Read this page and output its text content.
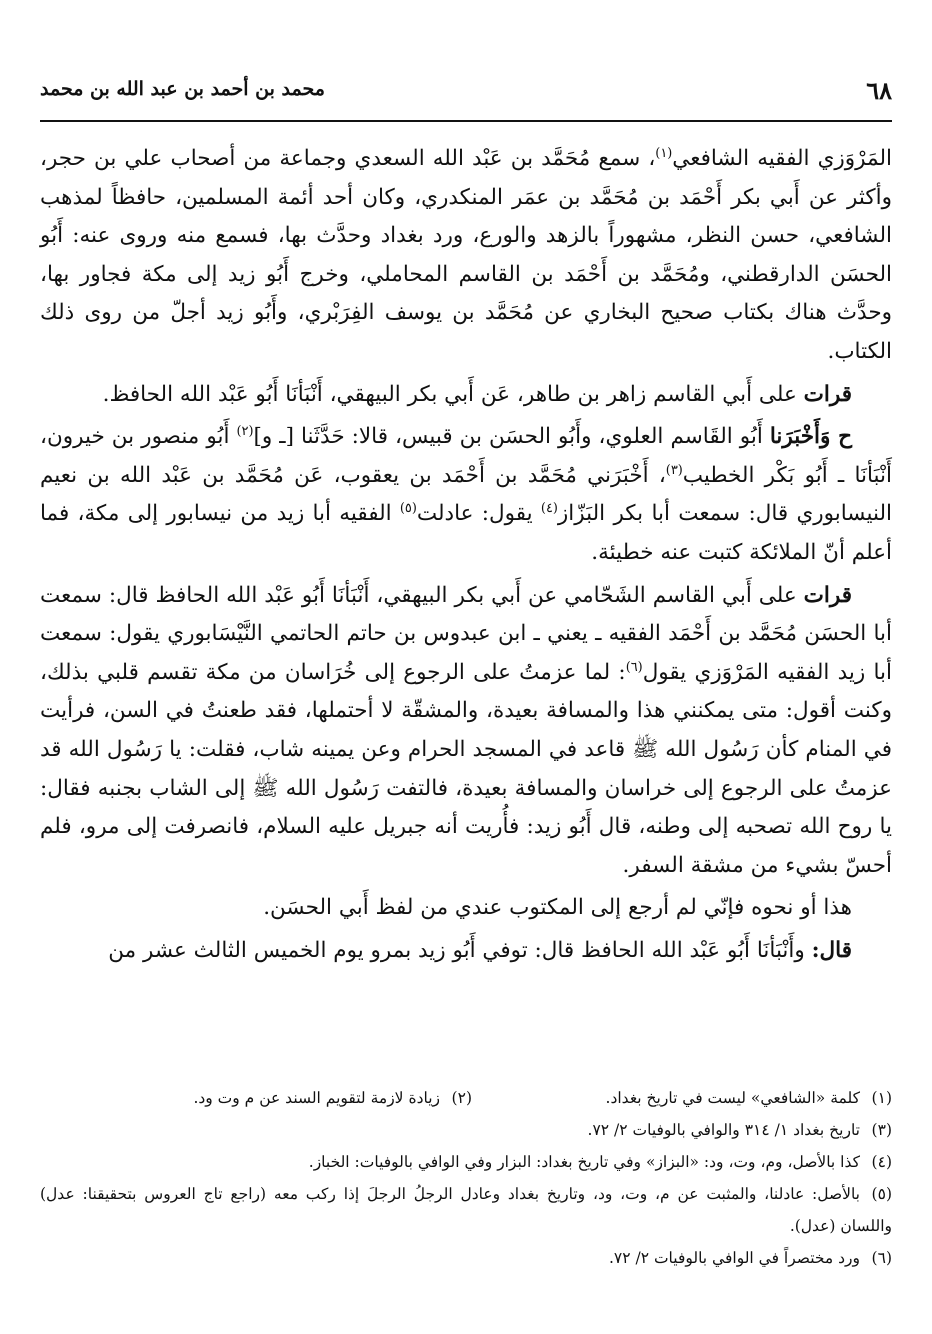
٦٨
محمد بن أحمد بن عبد الله بن محمد

المَرْوَزي الفقيه الشافعي$^{(١)}$، سمع مُحَمَّد بن عَبْد الله السعدي وجماعة من أصحاب علي بن حجر، وأكثر عن أَبي بكر أَحْمَد بن مُحَمَّد بن عمَر المنكدري، وكان أحد أئمة المسلمين، حافظاً لمذهب الشافعي، حسن النظر، مشهوراً بالزهد والورع، ورد بغداد وحدَّث بها، فسمع منه وروى عنه: أَبُو الحسَن الدارقطني، ومُحَمَّد بن أَحْمَد بن القاسم المحاملي، وخرج أَبُو زيد إلى مكة فجاور بها، وحدَّث هناك بكتاب صحيح البخاري عن مُحَمَّد بن يوسف الفِرَبْري، وأَبُو زيد أجلّ من روى ذلك الكتاب.

قرات على أَبي القاسم زاهر بن طاهر، عَن أَبي بكر البيهقي، أَنْبَأنَا أَبُو عَبْد الله الحافظ.

ح وَأَخْبَرَنا أَبُو القَاسم العلوي، وأَبُو الحسَن بن قبيس، قالا: حَدَّثَنا [ـ و]$^{(٢)}$ أَبُو منصور بن خيرون، أَنْبَأنَا ـ أَبُو بَكْر الخطيب$^{(٣)}$، أَخْبَرَني مُحَمَّد بن أَحْمَد بن يعقوب، عَن مُحَمَّد بن عَبْد الله بن نعيم النيسابوري قال: سمعت أبا بكر البَزّاز$^{(٤)}$ يقول: عادلت$^{(٥)}$ الفقيه أبا زيد من نيسابور إلى مكة، فما أعلم أنّ الملائكة كتبت عنه خطيئة.

قرات على أَبي القاسم الشَحّامي عن أَبي بكر البيهقي، أَنْبَأنَا أَبُو عَبْد الله الحافظ قال: سمعت أبا الحسَن مُحَمَّد بن أَحْمَد الفقيه ـ يعني ـ ابن عبدوس بن حاتم الحاتمي النَّيْسَابوري يقول: سمعت أبا زيد الفقيه المَرْوَزي يقول$^{(٦)}$: لما عزمتُ على الرجوع إلى خُرَاسان من مكة تقسم قلبي بذلك، وكنت أقول: متى يمكنني هذا والمسافة بعيدة، والمشقّة لا أحتملها، فقد طعنتُ في السن، فرأيت في المنام كأن رَسُول الله ﷺ قاعد في المسجد الحرام وعن يمينه شاب، فقلت: يا رَسُول الله قد عزمتُ على الرجوع إلى خراسان والمسافة بعيدة، فالتفت رَسُول الله ﷺ إلى الشاب بجنبه فقال: يا روح الله تصحبه إلى وطنه، قال أَبُو زيد: فأُريت أنه جبريل عليه السلام، فانصرفت إلى مرو، فلم أحسّ بشيء من مشقة السفر.

هذا أو نحوه فإنّي لم أرجع إلى المكتوب عندي من لفظ أَبي الحسَن.

قال: وأَنْبَأنَا أَبُو عَبْد الله الحافظ قال: توفي أَبُو زيد بمرو يوم الخميس الثالث عشر من

(١)كلمة «الشافعي» ليست في تاريخ بغداد.
(٢)زيادة لازمة لتقويم السند عن م وت ود.
(٣)تاريخ بغداد ١/ ٣١٤ والوافي بالوفيات ٢/ ٧٢.
(٤)كذا بالأصل، وم، وت، ود: «البزاز» وفي تاريخ بغداد: البزار وفي الوافي بالوفيات: الخباز.
(٥)بالأصل: عادلنا، والمثبت عن م، وت، ود، وتاريخ بغداد وعادل الرجلُ الرجلَ إذا ركب معه (راجع تاج العروس بتحقيقنا: عدل) واللسان (عدل).
(٦)ورد مختصراً في الوافي بالوفيات ٢/ ٧٢.
